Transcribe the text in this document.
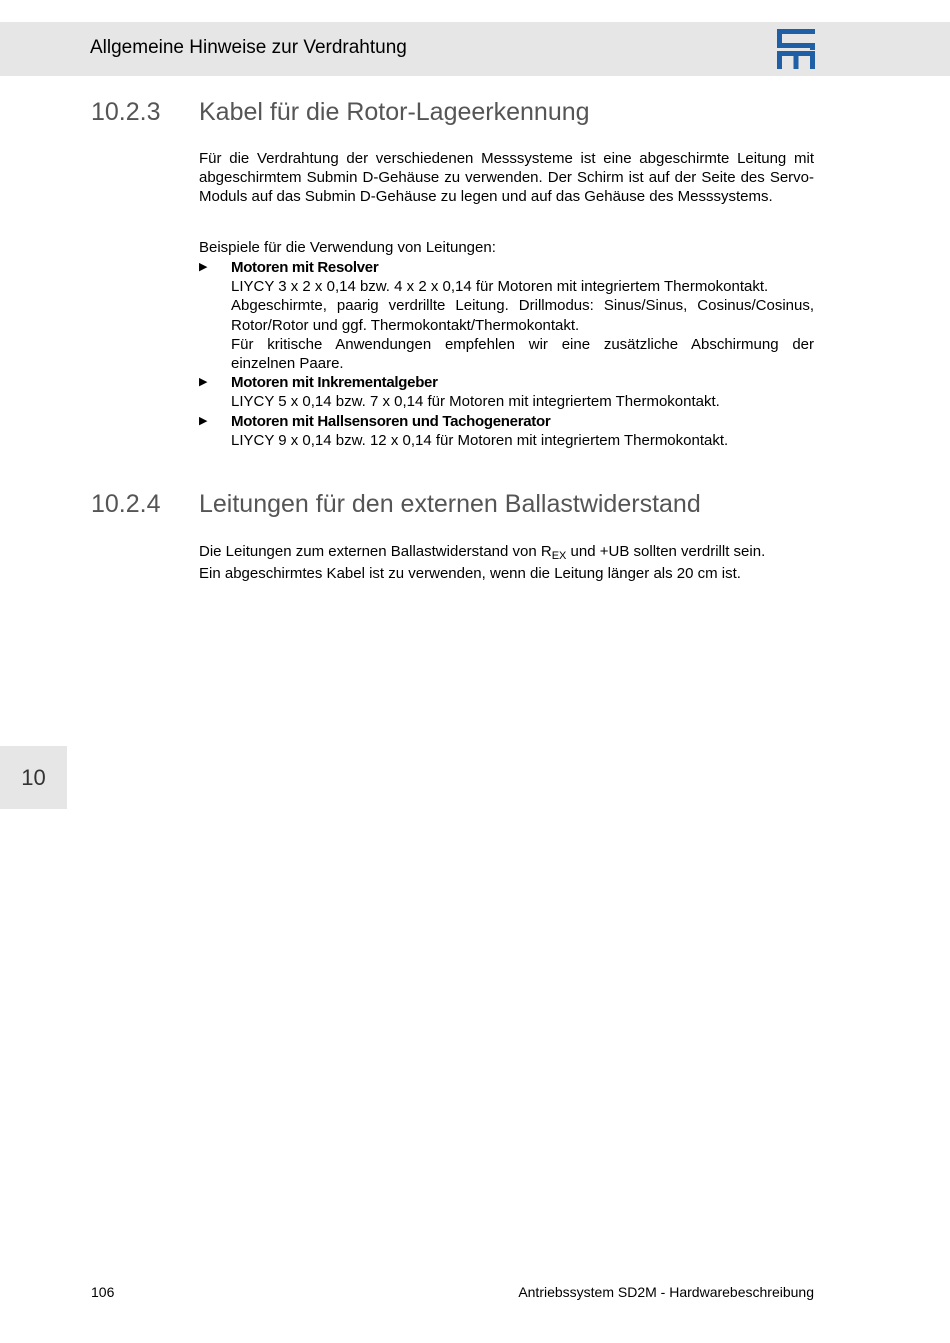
Allgemeine Hinweise zur Verdrahtung
10.2.3 Kabel für die Rotor-Lageerkennung
Für die Verdrahtung der verschiedenen Messsysteme ist eine abgeschirmte Leitung mit abgeschirmtem Submin D-Gehäuse zu verwenden. Der Schirm ist auf der Seite des Servo-Moduls auf das Submin D-Gehäuse zu legen und auf das Gehäuse des Messsystems.
Beispiele für die Verwendung von Leitungen:
▶ Motoren mit Resolver
LIYCY 3 x 2 x 0,14 bzw. 4 x 2 x 0,14 für Motoren mit integriertem Thermokontakt.
Abgeschirmte, paarig verdrillte Leitung. Drillmodus: Sinus/Sinus, Cosinus/Cosinus,
Rotor/Rotor und ggf. Thermokontakt/Thermokontakt.
Für kritische Anwendungen empfehlen wir eine zusätzliche Abschirmung der
einzelnen Paare.
▶ Motoren mit Inkrementalgeber
LIYCY 5 x 0,14 bzw. 7 x 0,14 für Motoren mit integriertem Thermokontakt.
▶ Motoren mit Hallsensoren und Tachogenerator
LIYCY 9 x 0,14 bzw. 12 x 0,14 für Motoren mit integriertem Thermokontakt.
10.2.4 Leitungen für den externen Ballastwiderstand
Die Leitungen zum externen Ballastwiderstand von $R_{EX}$ und +UB sollten verdrillt sein.
Ein abgeschirmtes Kabel ist zu verwenden, wenn die Leitung länger als 20 cm ist.
10
106	Antriebssystem SD2M - Hardwarebeschreibung
